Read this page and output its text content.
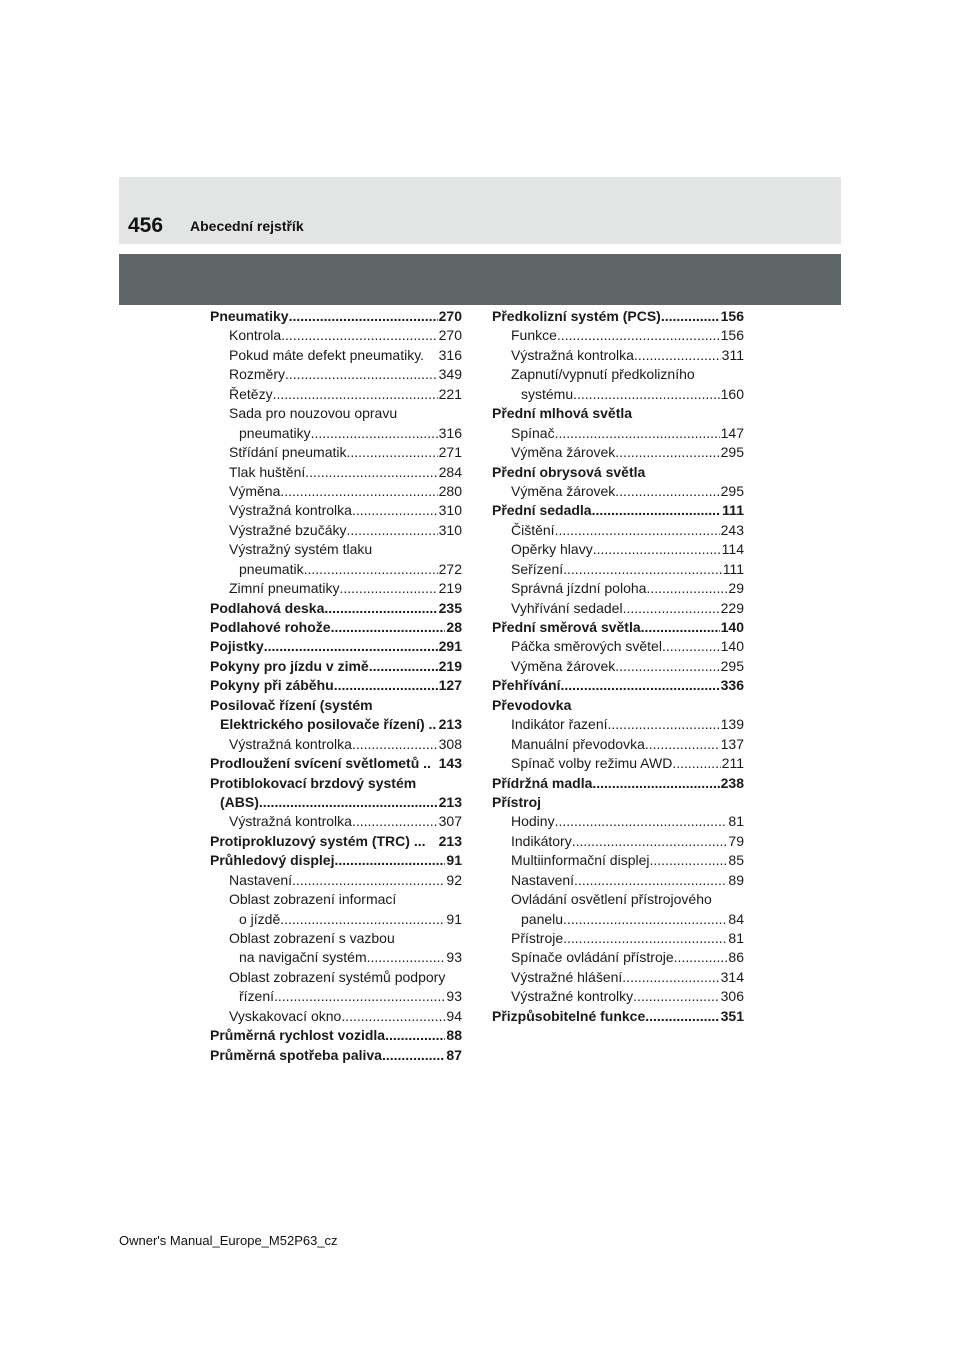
456 Abecední rejstřík
Pneumatiky .....	270
Kontrola .....	270
Pokud máte defekt pneumatiky. 316
Rozměry .....	349
Řetězy .....	221
Sada pro nouzovou opravu
pneumatiky .....	316
Střídání pneumatik .....	271
Tlak huštění .....	284
Výměna .....	280
Výstražná kontrolka .....	310
Výstražné bzučáky .....	310
Výstražný systém tlaku
pneumatik .....	272
Zimní pneumatiky .....	219
Podlahová deska .....	235
Podlahové rohože .....	28
Pojistky .....	291
Pokyny pro jízdu v zimě .....	219
Pokyny při záběhu .....	127
Posilovač řízení (systém
Elektrického posilovače řízení) .. 213
Výstražná kontrolka .....	308
Prodloužení svícení světlometů .. 143
Protiblokovací brzdový systém
(ABS) .....	213
Výstražná kontrolka .....	307
Protiprokluzový systém (TRC) ... 213
Průhledový displej .....	91
Nastavení .....	92
Oblast zobrazení informací
o jízdě .....	91
Oblast zobrazení s vazbou
na navigační systém .....	93
Oblast zobrazení systémů podpory
řízení .....	93
Vyskakovací okno .....	94
Průměrná rychlost vozidla .....	88
Průměrná spotřeba paliva .....	87
Předkolizní systém (PCS) .....	156
Funkce .....	156
Výstražná kontrolka .....	311
Zapnutí/vypnutí předkolizního
systému .....	160
Přední mlhová světla
Spínač .....	147
Výměna žárovek .....	295
Přední obrysová světla
Výměna žárovek .....	295
Přední sedadla .....	111
Čištění .....	243
Opěrky hlavy .....	114
Seřízení .....	111
Správná jízdní poloha .....	29
Vyhřívání sedadel .....	229
Přední směrová světla .....	140
Páčka směrových světel .....	140
Výměna žárovek .....	295
Přehřívání .....	336
Převodovka
Indikátor řazení .....	139
Manuální převodovka .....	137
Spínač volby režimu AWD .....	211
Přídržná madla .....	238
Přístroj
Hodiny .....	81
Indikátory .....	79
Multiinformační displej .....	85
Nastavení .....	89
Ovládání osvětlení přístrojového
panelu .....	84
Přístroje .....	81
Spínače ovládání přístroje .....	86
Výstražné hlášení .....	314
Výstražné kontrolky .....	306
Přizpůsobitelné funkce .....	351
Owner's Manual_Europe_M52P63_cz
